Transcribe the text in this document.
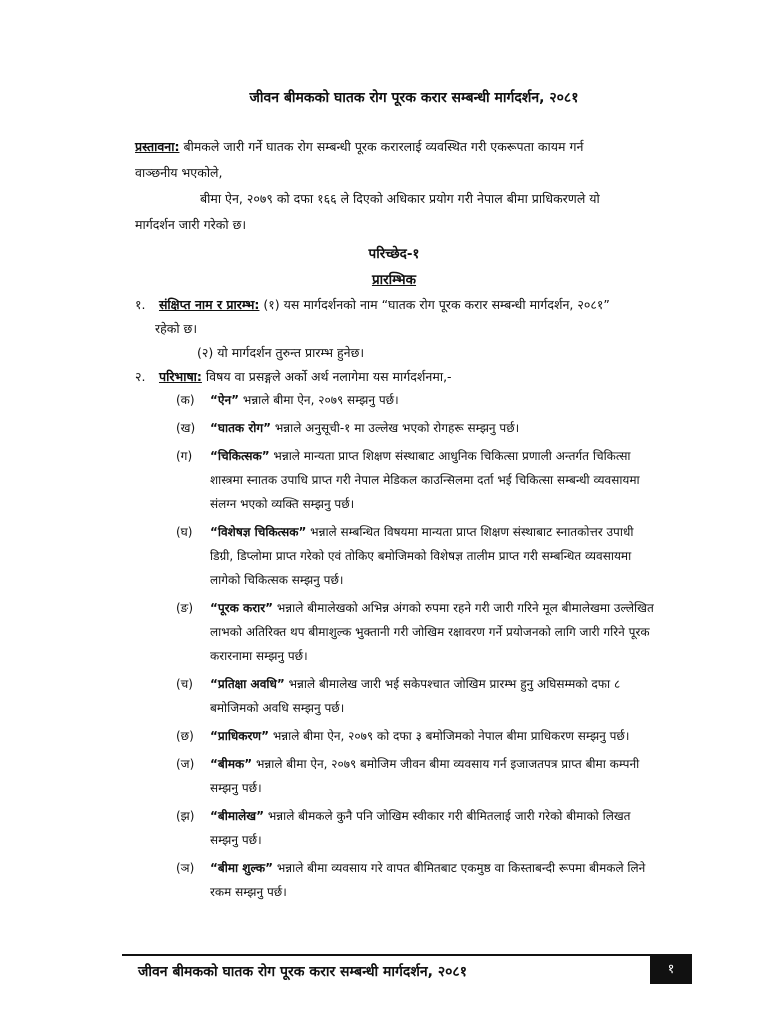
जीवन बीमकको घातक रोग पूरक करार सम्बन्धी मार्गदर्शन, २०८१
प्रस्तावना: बीमकले जारी गर्ने घातक रोग सम्बन्धी पूरक करारलाई व्यवस्थित गरी एकरूपता कायम गर्न
वाञ्छनीय भएकोले,
बीमा ऐन, २०७९ को दफा १६६ ले दिएको अधिकार प्रयोग गरी नेपाल बीमा प्राधिकरणले यो
मार्गदर्शन जारी गरेको छ।
परिच्छेद-१
प्रारम्भिक
१. संक्षिप्त नाम र प्रारम्भ: (१) यस मार्गदर्शनको नाम “घातक रोग पूरक करार सम्बन्धी मार्गदर्शन, २०८१”
रहेको छ।
(२) यो मार्गदर्शन तुरुन्त प्रारम्भ हुनेछ।
२. परिभाषा: विषय वा प्रसङ्गले अर्को अर्थ नलागेमा यस मार्गदर्शनमा,-
(क) “ऐन” भन्नाले बीमा ऐन, २०७९ सम्झनु पर्छ।
(ख) “घातक रोग” भन्नाले अनुसूची-१ मा उल्लेख भएको रोगहरू सम्झनु पर्छ।
(ग) “चिकित्सक” भन्नाले मान्यता प्राप्त शिक्षण संस्थाबाट आधुनिक चिकित्सा प्रणाली अन्तर्गत चिकित्सा शास्त्रमा स्नातक उपाधि प्राप्त गरी नेपाल मेडिकल काउन्सिलमा दर्ता भई चिकित्सा सम्बन्धी व्यवसायमा संलग्न भएको व्यक्ति सम्झनु पर्छ।
(घ) “विशेषज्ञ चिकित्सक” भन्नाले सम्बन्धित विषयमा मान्यता प्राप्त शिक्षण संस्थाबाट स्नातकोत्तर उपाधी डिग्री, डिप्लोमा प्राप्त गरेको एवं तोकिए बमोजिमको विशेषज्ञ तालीम प्राप्त गरी सम्बन्धित व्यवसायमा लागेको चिकित्सक सम्झनु पर्छ।
(ङ) “पूरक करार” भन्नाले बीमालेखको अभिन्न अंगको रुपमा रहने गरी जारी गरिने मूल बीमालेखमा उल्लेखित लाभको अतिरिक्त थप बीमाशुल्क भुक्तानी गरी जोखिम रक्षावरण गर्ने प्रयोजनको लागि जारी गरिने पूरक करारनामा सम्झनु पर्छ।
(च) “प्रतिक्षा अवधि” भन्नाले बीमालेख जारी भई सकेपश्चात जोखिम प्रारम्भ हुनु अघिसम्मको दफा ८ बमोजिमको अवधि सम्झनु पर्छ।
(छ) “प्राधिकरण” भन्नाले बीमा ऐन, २०७९ को दफा ३ बमोजिमको नेपाल बीमा प्राधिकरण सम्झनु पर्छ।
(ज) “बीमक” भन्नाले बीमा ऐन, २०७९ बमोजिम जीवन बीमा व्यवसाय गर्न इजाजतपत्र प्राप्त बीमा कम्पनी सम्झनु पर्छ।
(झ) “बीमालेख” भन्नाले बीमकले कुनै पनि जोखिम स्वीकार गरी बीमितलाई जारी गरेको बीमाको लिखत सम्झनु पर्छ।
(ञ) “बीमा शुल्क” भन्नाले बीमा व्यवसाय गरे वापत बीमितबाट एकमुष्ठ वा किस्ताबन्दी रूपमा बीमकले लिने रकम सम्झनु पर्छ।
जीवन बीमकको घातक रोग पूरक करार सम्बन्धी मार्गदर्शन, २०८१	१
